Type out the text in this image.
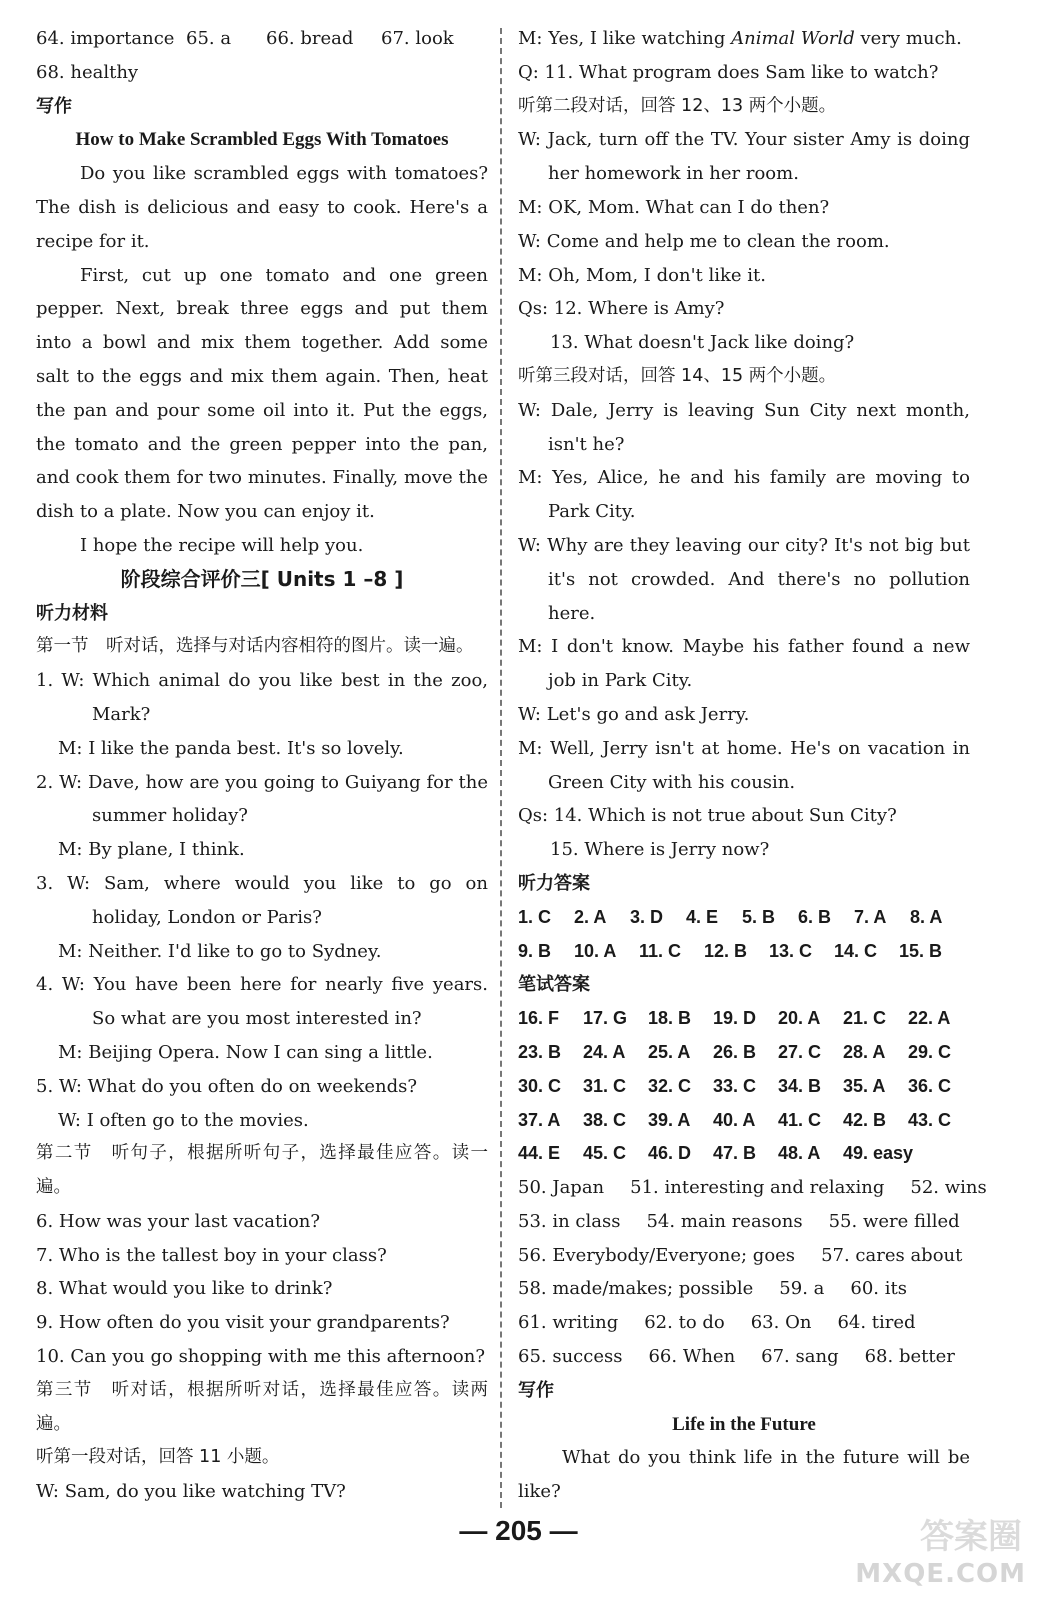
64. importance 65. a 66. bread 67. look
68. healthy
写作
How to Make Scrambled Eggs With Tomatoes
Do you like scrambled eggs with tomatoes? The dish is delicious and easy to cook. Here's a recipe for it.
First, cut up one tomato and one green pepper. Next, break three eggs and put them into a bowl and mix them together. Add some salt to the eggs and mix them again. Then, heat the pan and pour some oil into it. Put the eggs, the tomato and the green pepper into the pan, and cook them for two minutes. Finally, move the dish to a plate. Now you can enjoy it.
I hope the recipe will help you.
阶段综合评价三[ Units 1 –8 ]
听力材料
第一节　听对话，选择与对话内容相符的图片。读一遍。
1. W: Which animal do you like best in the zoo, Mark?
M: I like the panda best. It's so lovely.
2. W: Dave, how are you going to Guiyang for the summer holiday?
M: By plane, I think.
3. W: Sam, where would you like to go on holiday, London or Paris?
M: Neither. I'd like to go to Sydney.
4. W: You have been here for nearly five years. So what are you most interested in?
M: Beijing Opera. Now I can sing a little.
5. W: What do you often do on weekends?
W: I often go to the movies.
第二节　听句子，根据所听句子，选择最佳应答。读一遍。
6. How was your last vacation?
7. Who is the tallest boy in your class?
8. What would you like to drink?
9. How often do you visit your grandparents?
10. Can you go shopping with me this afternoon?
第三节　听对话，根据所听对话，选择最佳应答。读两遍。
听第一段对话，回答 11 小题。
W: Sam, do you like watching TV?
M: Yes, I like watching Animal World very much.
Q: 11. What program does Sam like to watch?
听第二段对话，回答 12、13 两个小题。
W: Jack, turn off the TV. Your sister Amy is doing her homework in her room.
M: OK, Mom. What can I do then?
W: Come and help me to clean the room.
M: Oh, Mom, I don't like it.
Qs: 12. Where is Amy?
13. What doesn't Jack like doing?
听第三段对话，回答 14、15 两个小题。
W: Dale, Jerry is leaving Sun City next month, isn't he?
M: Yes, Alice, he and his family are moving to Park City.
W: Why are they leaving our city? It's not big but it's not crowded. And there's no pollution here.
M: I don't know. Maybe his father found a new job in Park City.
W: Let's go and ask Jerry.
M: Well, Jerry isn't at home. He's on vacation in Green City with his cousin.
Qs: 14. Which is not true about Sun City?
15. Where is Jerry now?
听力答案
1. C 2. A 3. D 4. E 5. B 6. B 7. A 8. A
9. B 10. A 11. C 12. B 13. C 14. C 15. B
笔试答案
16. F 17. G 18. B 19. D 20. A 21. C 22. A
23. B 24. A 25. A 26. B 27. C 28. A 29. C
30. C 31. C 32. C 33. C 34. B 35. A 36. C
37. A 38. C 39. A 40. A 41. C 42. B 43. C
44. E 45. C 46. D 47. B 48. A 49. easy
50. Japan 51. interesting and relaxing 52. wins
53. in class 54. main reasons 55. were filled
56. Everybody/Everyone; goes 57. cares about
58. made/makes; possible 59. a 60. its
61. writing 62. to do 63. On 64. tired
65. success 66. When 67. sang 68. better
写作
Life in the Future
What do you think life in the future will be like?
— 205 —	答案圈
MXQE.COM
